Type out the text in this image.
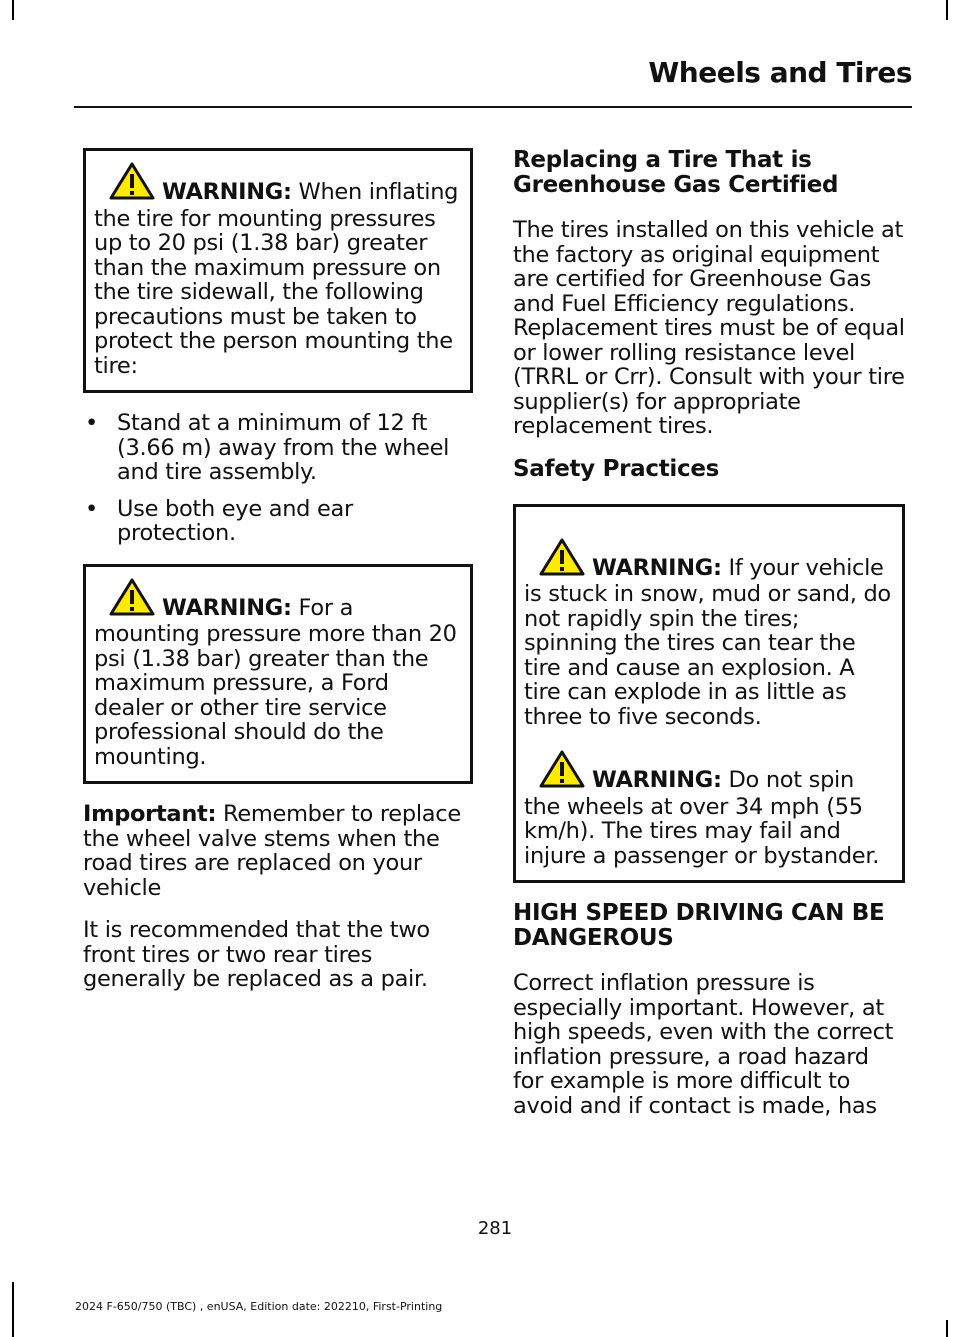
Wheels and Tires
WARNING: When inflating the tire for mounting pressures up to 20 psi (1.38 bar) greater than the maximum pressure on the tire sidewall, the following precautions must be taken to protect the person mounting the tire:
• Stand at a minimum of 12 ft (3.66 m) away from the wheel and tire assembly.
• Use both eye and ear protection.
WARNING: For a mounting pressure more than 20 psi (1.38 bar) greater than the maximum pressure, a Ford dealer or other tire service professional should do the mounting.

Important: Remember to replace the wheel valve stems when the road tires are replaced on your vehicle

It is recommended that the two front tires or two rear tires generally be replaced as a pair.

Replacing a Tire That is Greenhouse Gas Certified

The tires installed on this vehicle at the factory as original equipment are certified for Greenhouse Gas and Fuel Efficiency regulations. Replacement tires must be of equal or lower rolling resistance level (TRRL or Crr). Consult with your tire supplier(s) for appropriate replacement tires.

Safety Practices
WARNING: If your vehicle is stuck in snow, mud or sand, do not rapidly spin the tires; spinning the tires can tear the tire and cause an explosion. A tire can explode in as little as three to five seconds.
WARNING: Do not spin the wheels at over 34 mph (55 km/h). The tires may fail and injure a passenger or bystander.
HIGH SPEED DRIVING CAN BE DANGEROUS

Correct inflation pressure is especially important. However, at high speeds, even with the correct inflation pressure, a road hazard for example is more difficult to avoid and if contact is made, has

281
2024 F-650/750 (TBC) , enUSA, Edition date: 202210, First-Printing
